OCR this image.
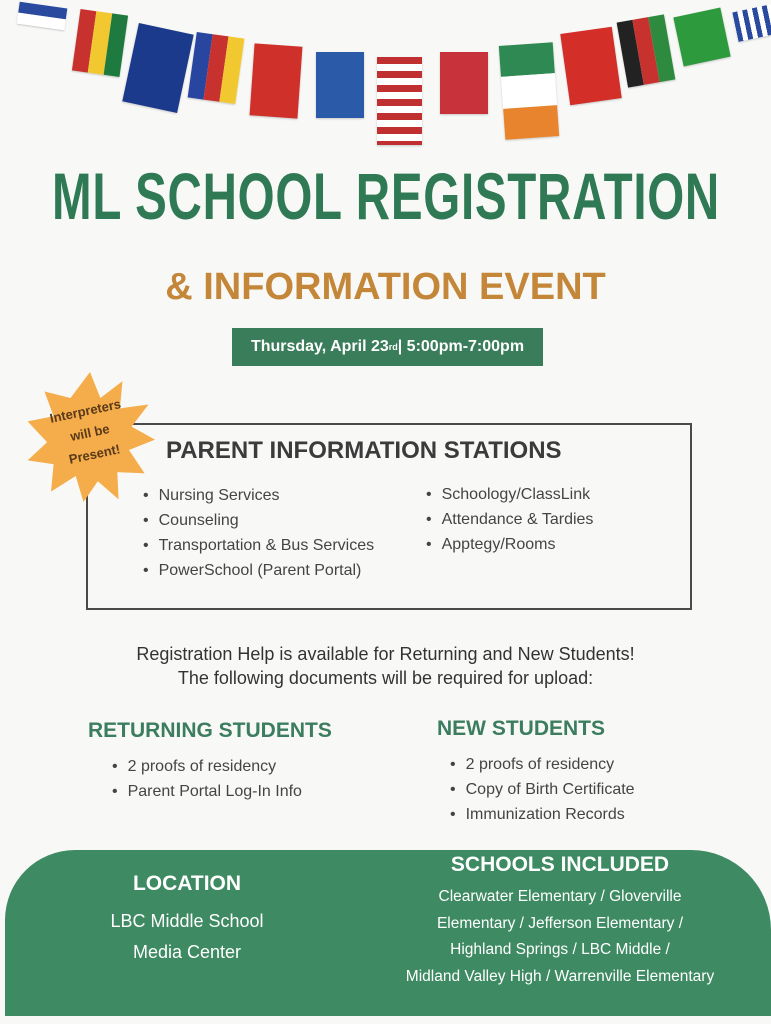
ML SCHOOL REGISTRATION
& INFORMATION EVENT
Thursday, April 23 rd | 5:00pm-7:00pm
PARENT INFORMATION STATIONS
• Nursing Services
• Counseling
• Transportation & Bus Services
• PowerSchool (Parent Portal)
• Schoology/ClassLink
• Attendance & Tardies
• Apptegy/Rooms
Interpreters
will be
Present!
Registration Help is available for Returning and New Students!
The following documents will be required for upload:
RETURNING STUDENTS
• 2 proofs of residency
• Parent Portal Log-In Info
NEW STUDENTS
• 2 proofs of residency
• Copy of Birth Certificate
• Immunization Records
LOCATION
LBC Middle School
Media Center
SCHOOLS INCLUDED
Clearwater Elementary / Gloverville
Elementary / Jefferson Elementary /
Highland Springs / LBC Middle /
Midland Valley High / Warrenville Elementary
